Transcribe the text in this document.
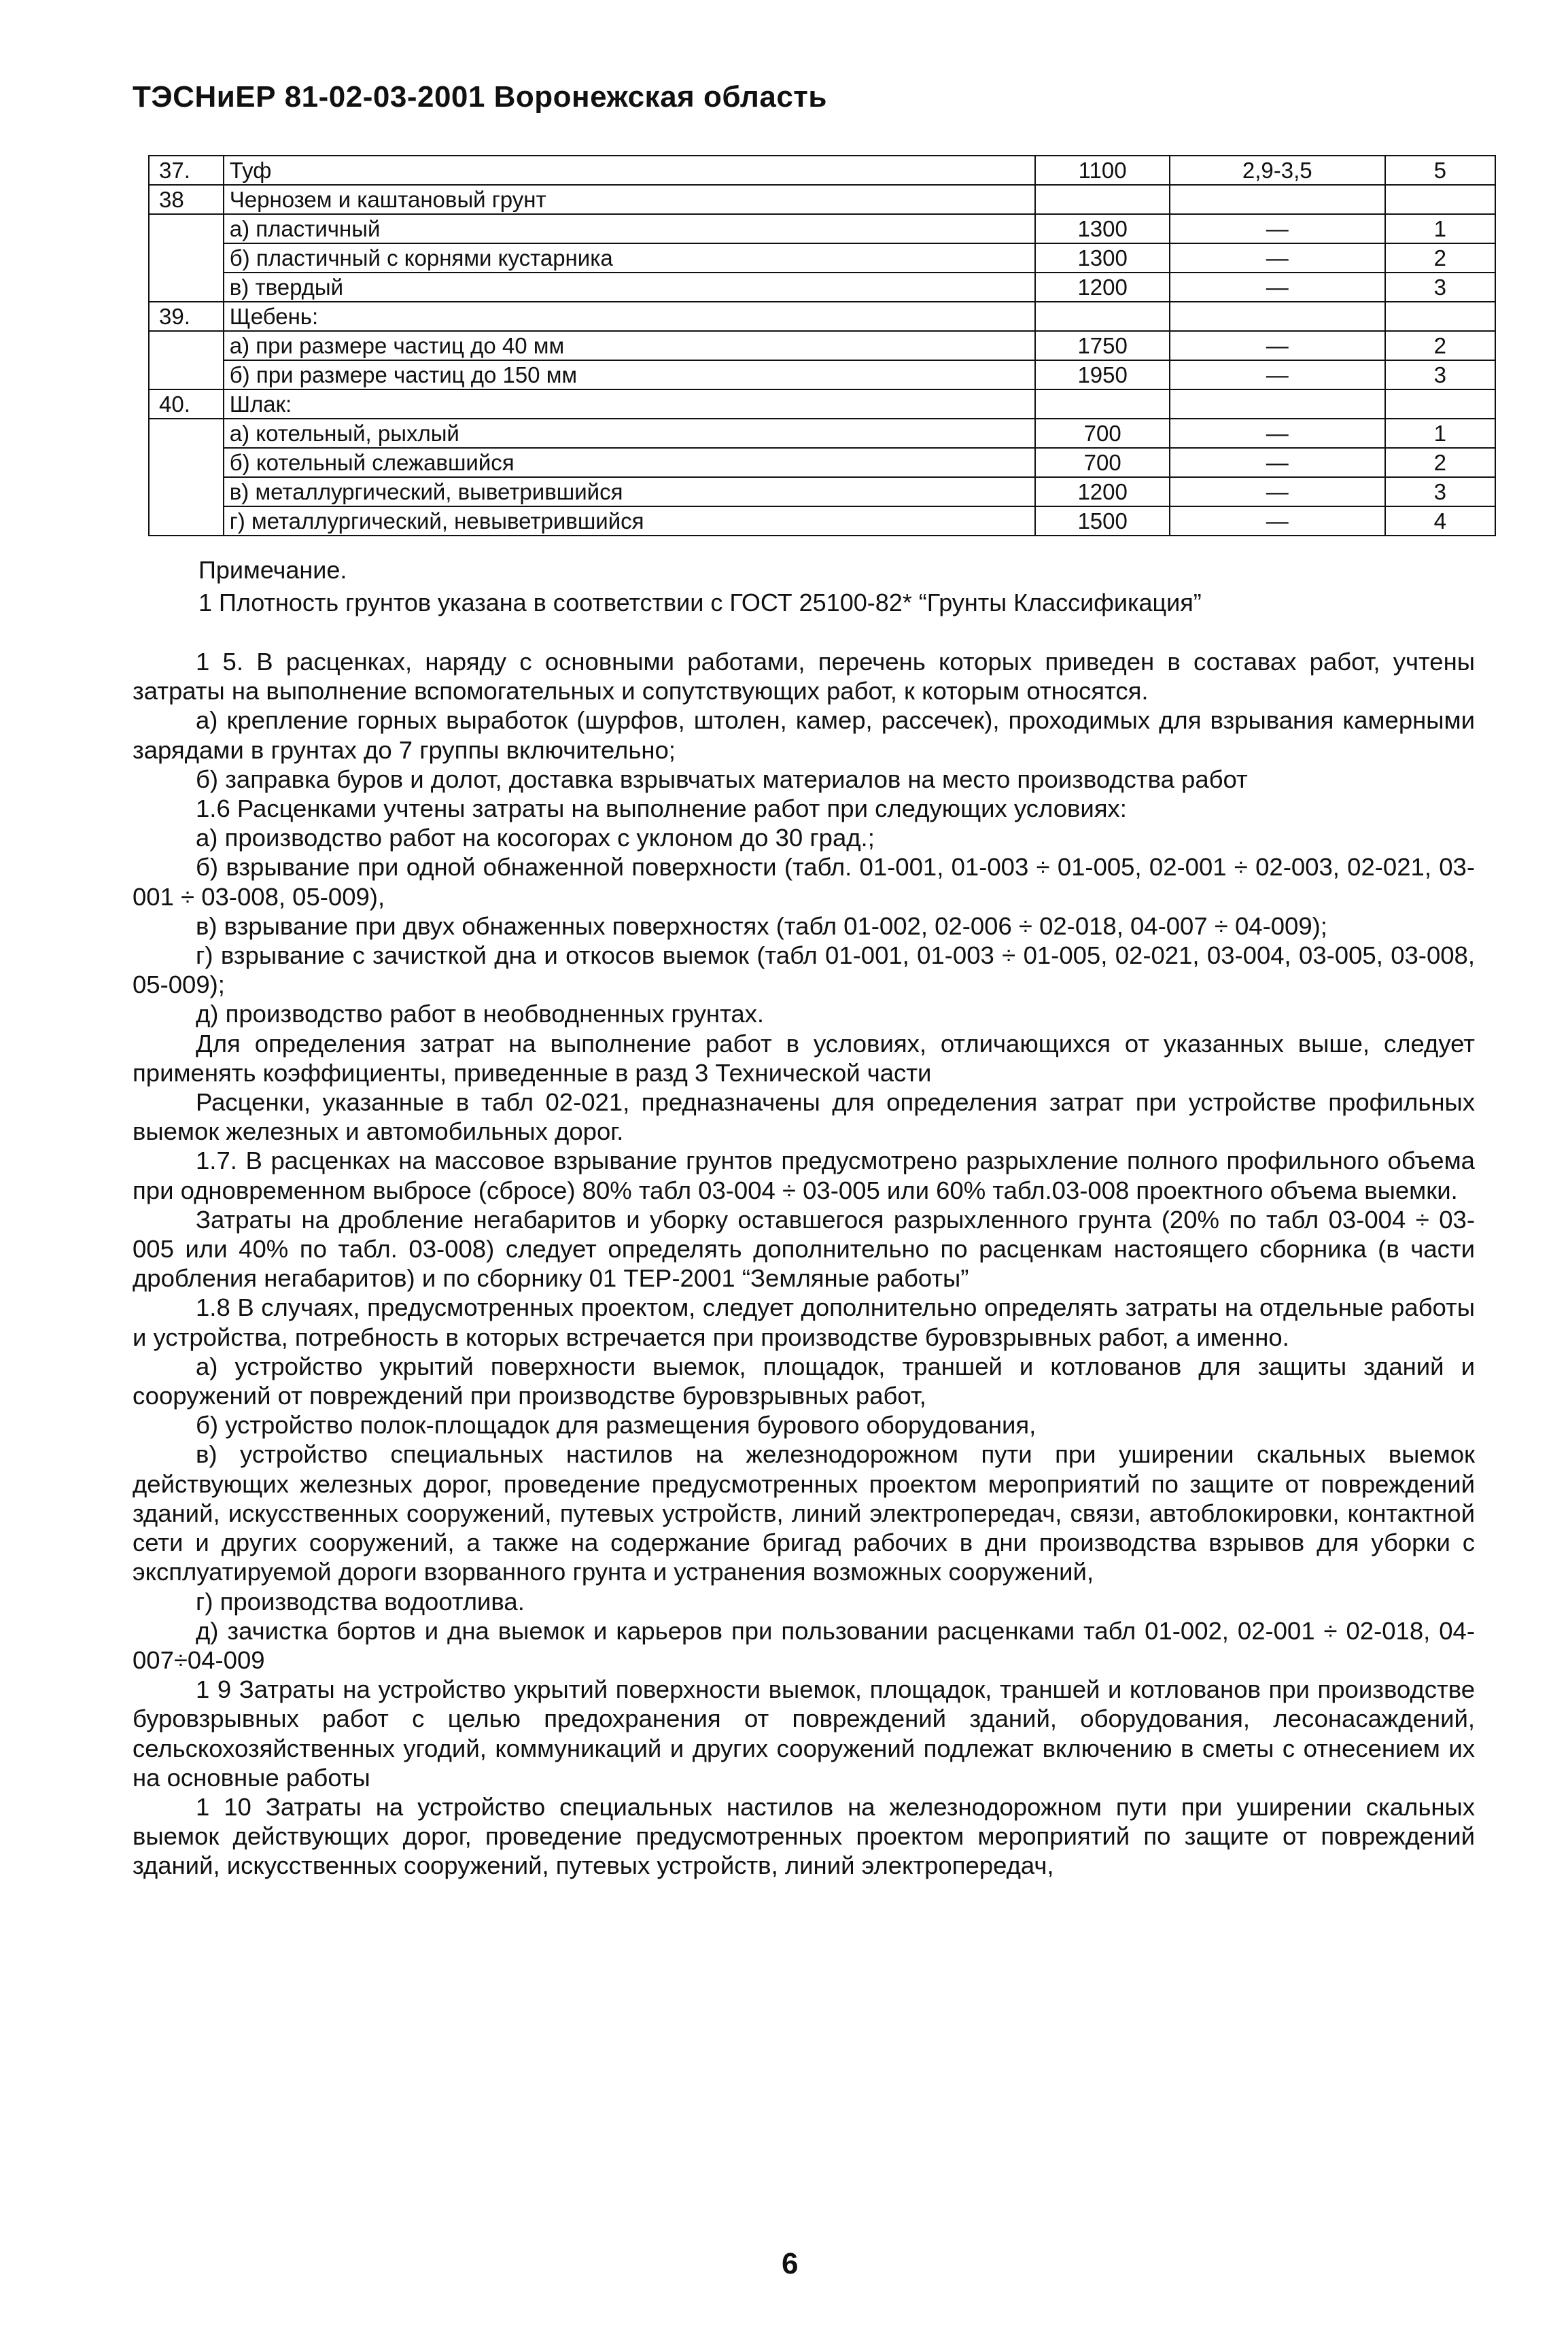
ТЭСНиЕР 81-02-03-2001 Воронежская область
37.	Туф	1100	2,9-3,5	5
38	Чернозем и каштановый грунт			
	а) пластичный	1300	—	1
	б) пластичный с корнями кустарника	1300	—	2
	в) твердый	1200	—	3
39.	Щебень:			
	а) при размере частиц до 40 мм	1750	—	2
	б) при размере частиц до 150 мм	1950	—	3
40.	Шлак:			
	а) котельный, рыхлый	700	—	1
	б) котельный слежавшийся	700	—	2
	в) металлургический, выветрившийся	1200	—	3
	г) металлургический, невыветрившийся	1500	—	4
Примечание.
1 Плотность грунтов указана в соответствии с ГОСТ 25100-82* “Грунты Классификация”

1 5. В расценках, наряду с основными работами, перечень которых приведен в составах работ, учтены затраты на выполнение вспомогательных и сопутствующих работ, к которым относятся.

а) крепление горных выработок (шурфов, штолен, камер, рассечек), проходимых для взрывания камерными зарядами в грунтах до 7 группы включительно;

б) заправка буров и долот, доставка взрывчатых материалов на место производства работ

1.6 Расценками учтены затраты на выполнение работ при следующих условиях:

а) производство работ на косогорах с уклоном до 30 град.;

б) взрывание при одной обнаженной поверхности (табл. 01-001, 01-003 ÷ 01-005, 02-001 ÷ 02-003, 02-021, 03-001 ÷ 03-008, 05-009),

в) взрывание при двух обнаженных поверхностях (табл 01-002, 02-006 ÷ 02-018, 04-007 ÷ 04-009);

г) взрывание с зачисткой дна и откосов выемок (табл 01-001, 01-003 ÷ 01-005, 02-021, 03-004, 03-005, 03-008, 05-009);

д) производство работ в необводненных грунтах.

Для определения затрат на выполнение работ в условиях, отличающихся от указанных выше, следует применять коэффициенты, приведенные в разд 3 Технической части

Расценки, указанные в табл 02-021, предназначены для определения затрат при устройстве профильных выемок железных и автомобильных дорог.

1.7. В расценках на массовое взрывание грунтов предусмотрено разрыхление полного профильного объема при одновременном выбросе (сбросе) 80% табл 03-004 ÷ 03-005 или 60% табл.03-008 проектного объема выемки.

Затраты на дробление негабаритов и уборку оставшегося разрыхленного грунта (20% по табл 03-004 ÷ 03-005 или 40% по табл. 03-008) следует определять дополнительно по расценкам настоящего сборника (в части дробления негабаритов) и по сборнику 01 ТЕР-2001 “Земляные работы”

1.8 В случаях, предусмотренных проектом, следует дополнительно определять затраты на отдельные работы и устройства, потребность в которых встречается при производстве буровзрывных работ, а именно.

а) устройство укрытий поверхности выемок, площадок, траншей и котлованов для защиты зданий и сооружений от повреждений при производстве буровзрывных работ,

б) устройство полок-площадок для размещения бурового оборудования,

в) устройство специальных настилов на железнодорожном пути при уширении скальных выемок действующих железных дорог, проведение предусмотренных проектом мероприятий по защите от повреждений зданий, искусственных сооружений, путевых устройств, линий электропередач, связи, автоблокировки, контактной сети и других сооружений, а также на содержание бригад рабочих в дни производства взрывов для уборки с эксплуатируемой дороги взорванного грунта и устранения возможных сооружений,

г) производства водоотлива.

д) зачистка бортов и дна выемок и карьеров при пользовании расценками табл 01-002, 02-001 ÷ 02-018, 04-007÷04-009

1 9 Затраты на устройство укрытий поверхности выемок, площадок, траншей и котлованов при производстве буровзрывных работ с целью предохранения от повреждений зданий, оборудования, лесонасаждений, сельскохозяйственных угодий, коммуникаций и других сооружений подлежат включению в сметы с отнесением их на основные работы

1 10 Затраты на устройство специальных настилов на железнодорожном пути при уширении скальных выемок действующих дорог, проведение предусмотренных проектом мероприятий по защите от повреждений зданий, искусственных сооружений, путевых устройств, линий электропередач,

6
